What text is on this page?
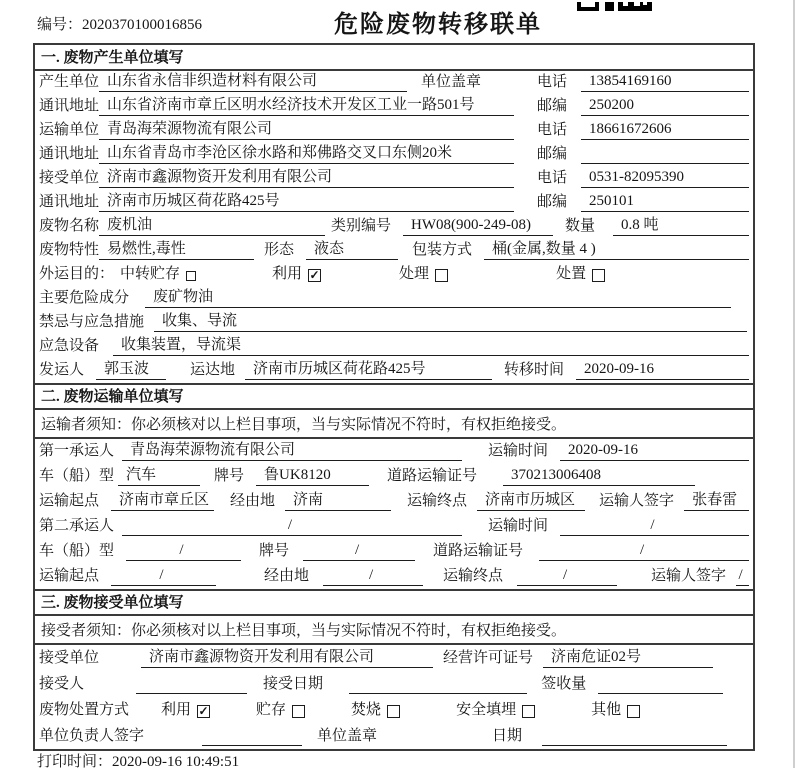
编号：2020370100016856	危险废物转移联单
一. 废物产生单位填写
产生单位 山东省永信非织造材料有限公司	单位盖章	电话	13854169160
通讯地址 山东省济南市章丘区明水经济技术开发区工业一路501号	邮编	250200
运输单位 青岛海荣源物流有限公司	电话	18661672606
通讯地址 山东省青岛市李沧区徐水路和郑佛路交叉口东侧20米	邮编
接受单位 济南市鑫源物资开发利用有限公司	电话	0531-82095390
通讯地址 济南市历城区荷花路425号	邮编	250101
废物名称 废机油	类别编号	HW08(900-249-08)	数量	0.8 吨
废物特性 易燃性,毒性	形态	液态	包装方式	桶(金属,数量 4 )
外运目的： 中转贮存	利用 ✓	处理	处置
主要危险成分	废矿物油
禁忌与应急措施	收集、导流
应急设备	收集装置，导流渠
发运人	郭玉波	运达地	济南市历城区荷花路425号	转移时间	2020-09-16
二. 废物运输单位填写
运输者须知：你必须核对以上栏目事项，当与实际情况不符时，有权拒绝接受。
第一承运人	青岛海荣源物流有限公司	运输时间	2020-09-16
车（船）型 汽车	牌号	鲁UK8120	道路运输证号	370213006408
运输起点	济南市章丘区	经由地	济南	运输终点	济南市历城区	运输人签字	张春雷
第二承运人	/	运输时间	/
车（船）型	/	牌号	/	道路运输证号	/
运输起点	/	经由地	/	运输终点	/	运输人签字 /
三. 废物接受单位填写
接受者须知：你必须核对以上栏目事项，当与实际情况不符时，有权拒绝接受。
接受单位	济南市鑫源物资开发利用有限公司	经营许可证号	济南危证02号
接受人	接受日期	签收量
废物处置方式 利用 ✓	贮存	焚烧	安全填埋	其他
单位负责人签字	单位盖章	日期
打印时间：2020-09-16 10:49:51
